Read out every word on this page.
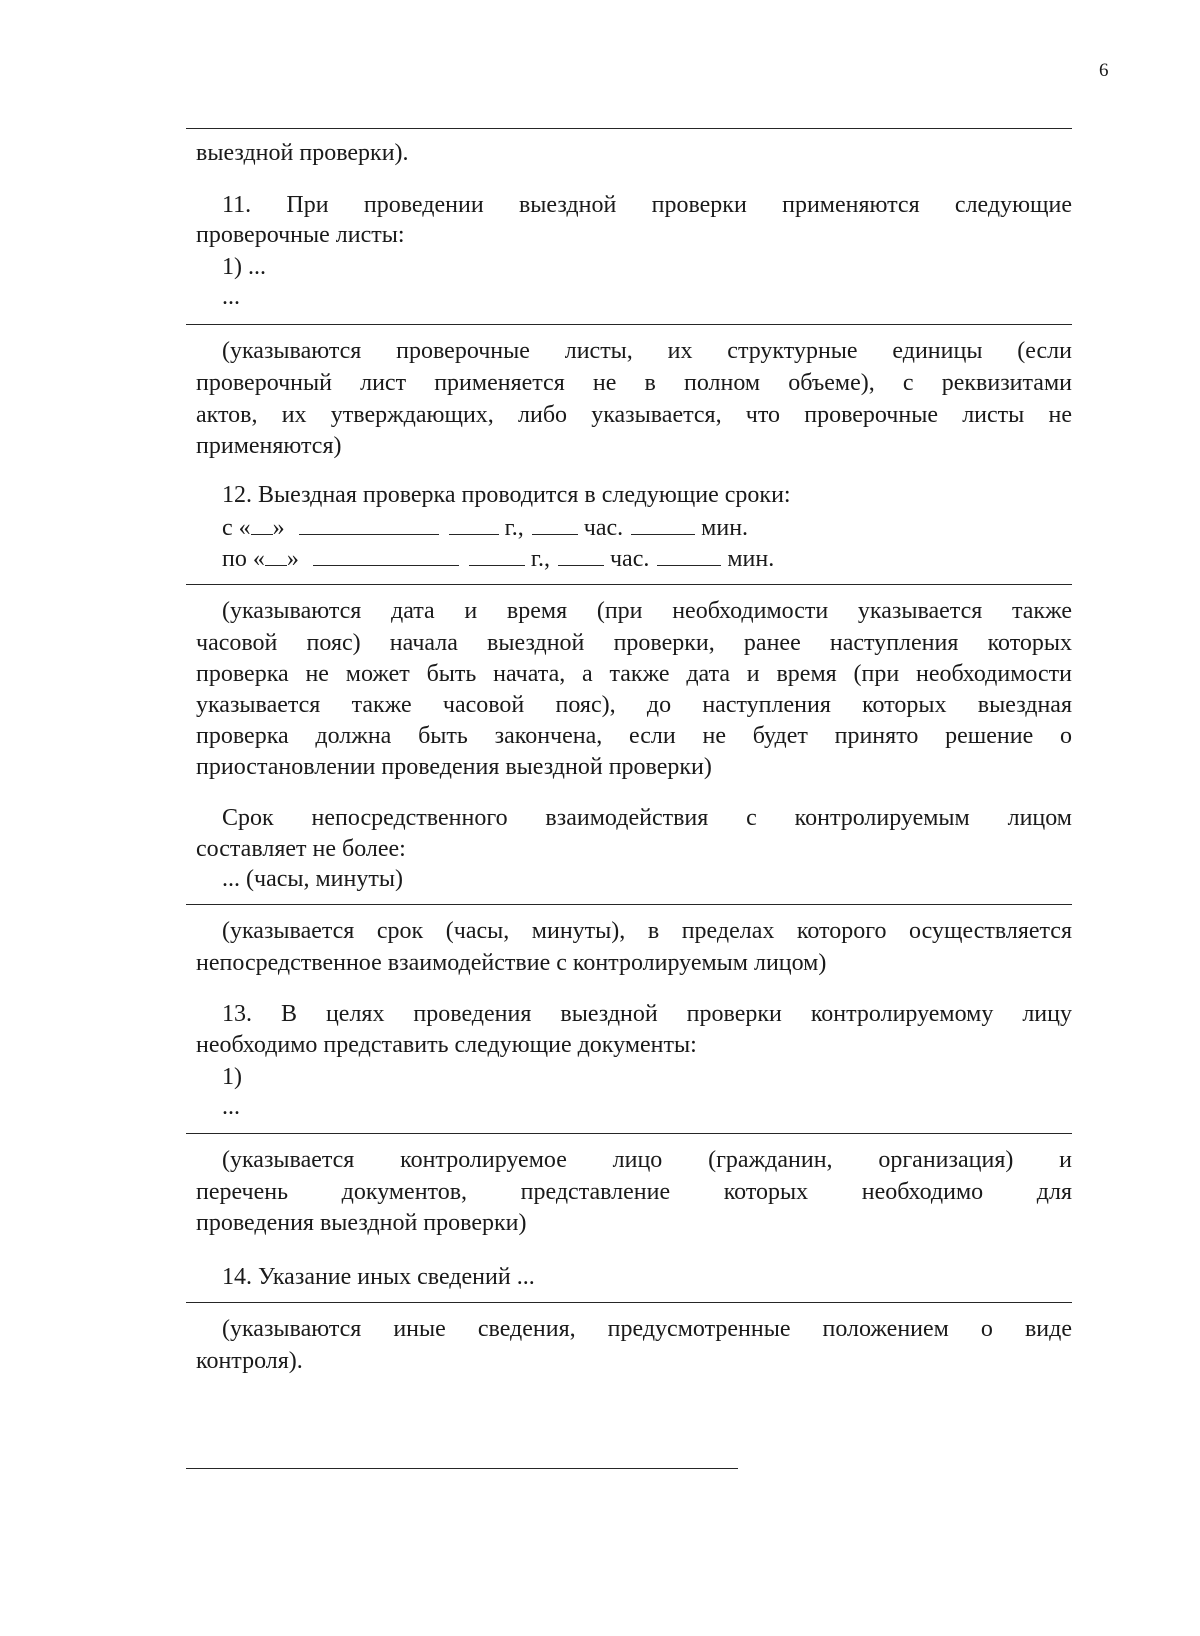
6
выездной проверки).
11. При проведении выездной проверки применяются следующие
проверочные листы:
1) ...
...
(указываются проверочные листы, их структурные единицы (если
проверочный лист применяется не в полном объеме), с реквизитами
актов, их утверждающих, либо указывается, что проверочные листы не
применяются)
12. Выездная проверка проводится в следующие сроки:
с « »	г.,	час.	мин.
по « »	г.,	час.	мин.
(указываются дата и время (при необходимости указывается также
часовой пояс) начала выездной проверки, ранее наступления которых
проверка не может быть начата, а также дата и время (при необходимости
указывается также часовой пояс), до наступления которых выездная
проверка должна быть закончена, если не будет принято решение о
приостановлении проведения выездной проверки)
Срок непосредственного взаимодействия с контролируемым лицом
составляет не более:
... (часы, минуты)
(указывается срок (часы, минуты), в пределах которого осуществляется
непосредственное взаимодействие с контролируемым лицом)
13. В целях проведения выездной проверки контролируемому лицу
необходимо представить следующие документы:
1)
...
(указывается контролируемое лицо (гражданин, организация) и
перечень документов, представление которых необходимо для
проведения выездной проверки)
14. Указание иных сведений ...
(указываются иные сведения, предусмотренные положением о виде
контроля).
